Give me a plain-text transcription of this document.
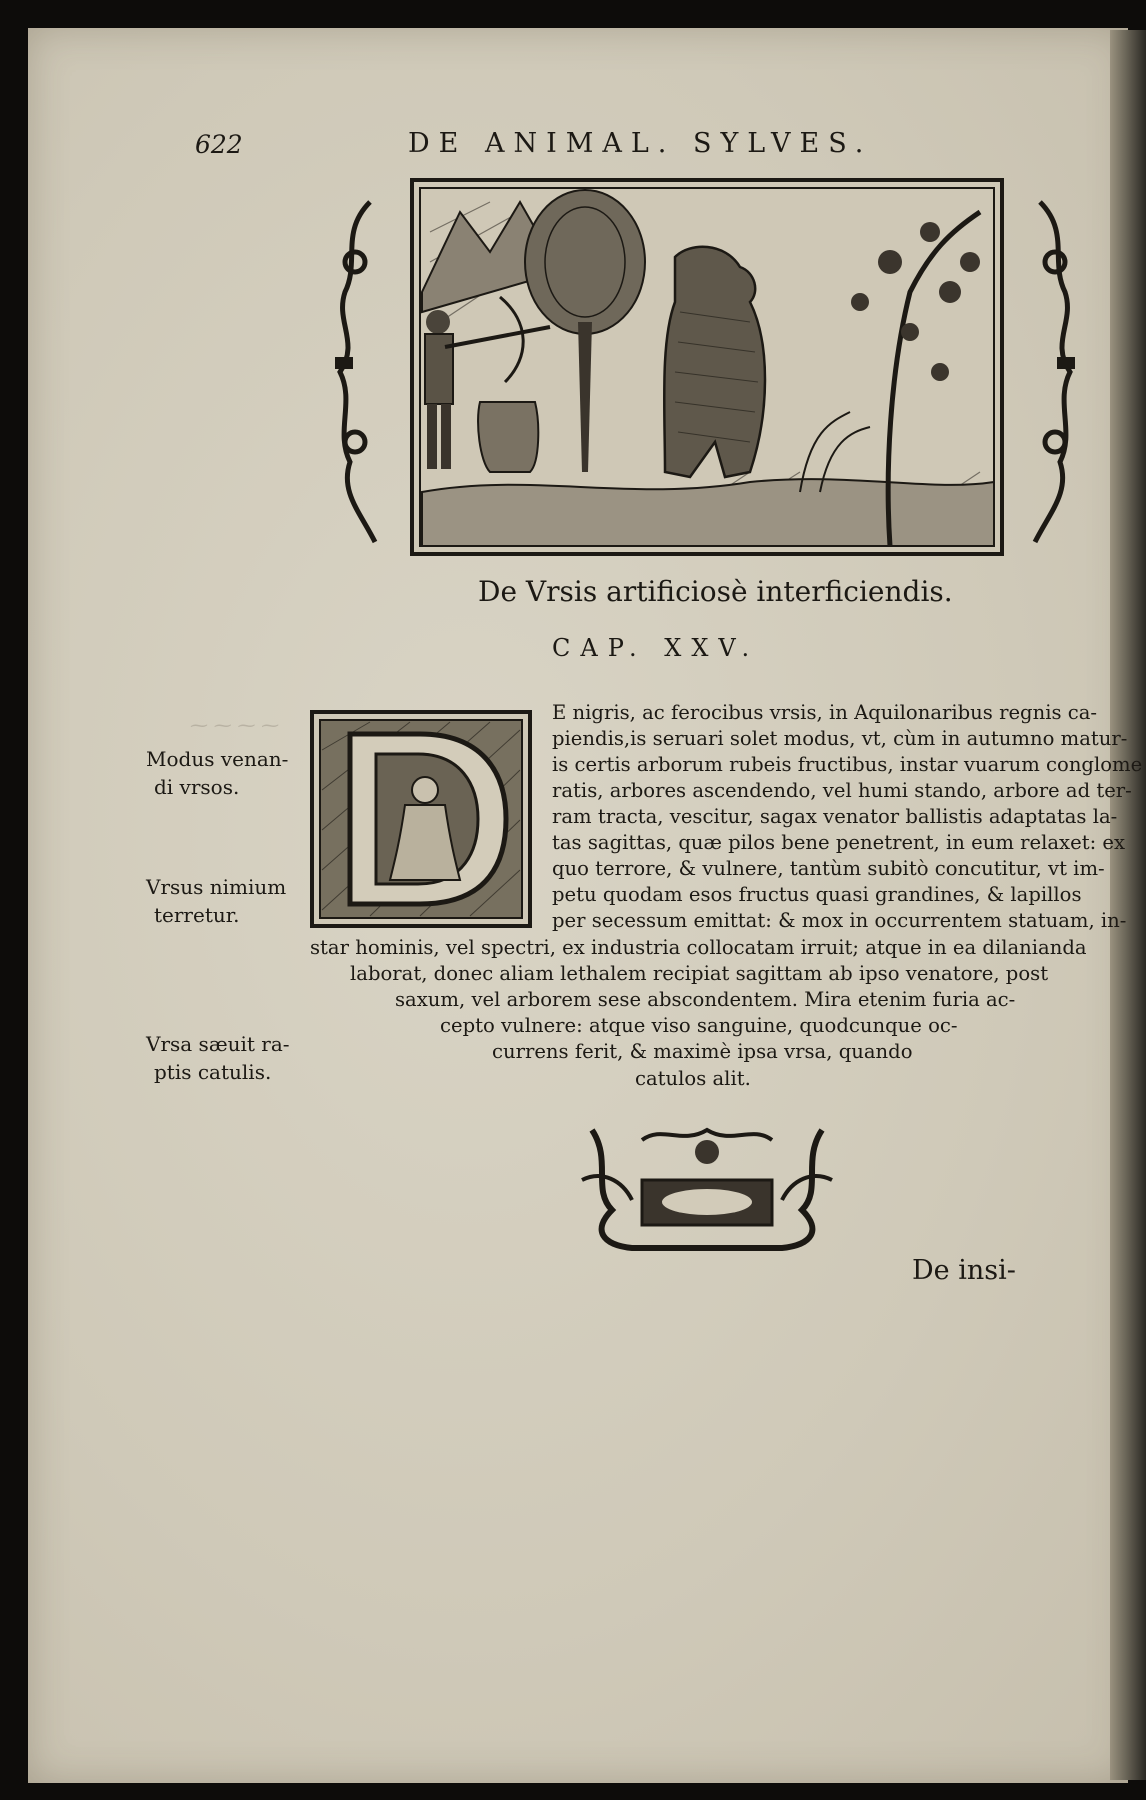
⁓ ⁓ ⁓ ⁓
622	DE ANIMAL. SYLVES.
De Vrsis artificiosè interficiendis.
CAP. XXV.
E nigris, ac ferocibus vrsis, in Aquilonaribus regnis ca-
piendis,is seruari solet modus, vt, cùm in autumno matur-
is certis arborum rubeis fructibus, instar vuarum conglome
ratis, arbores ascendendo, vel humi stando, arbore ad ter-
ram tracta, vescitur, sagax venator ballistis adaptatas la-
tas sagittas, quæ pilos bene penetrent, in eum relaxet: ex
quo terrore, & vulnere, tantùm subitò concutitur, vt im-
petu quodam esos fructus quasi grandines, & lapillos
per secessum emittat: & mox in occurrentem statuam, in-
star hominis, vel spectri, ex industria collocatam irruit; atque in ea dilanianda
laborat, donec aliam lethalem recipiat sagittam ab ipso venatore, post
saxum, vel arborem sese abscondentem. Mira etenim furia ac-
cepto vulnere: atque viso sanguine, quodcunque oc-
currens ferit, & maximè ipsa vrsa, quando
catulos alit.
Modus venan-
di vrsos.
Vrsus nimium
terretur.
Vrsa sæuit ra-
ptis catulis.
De insi-
